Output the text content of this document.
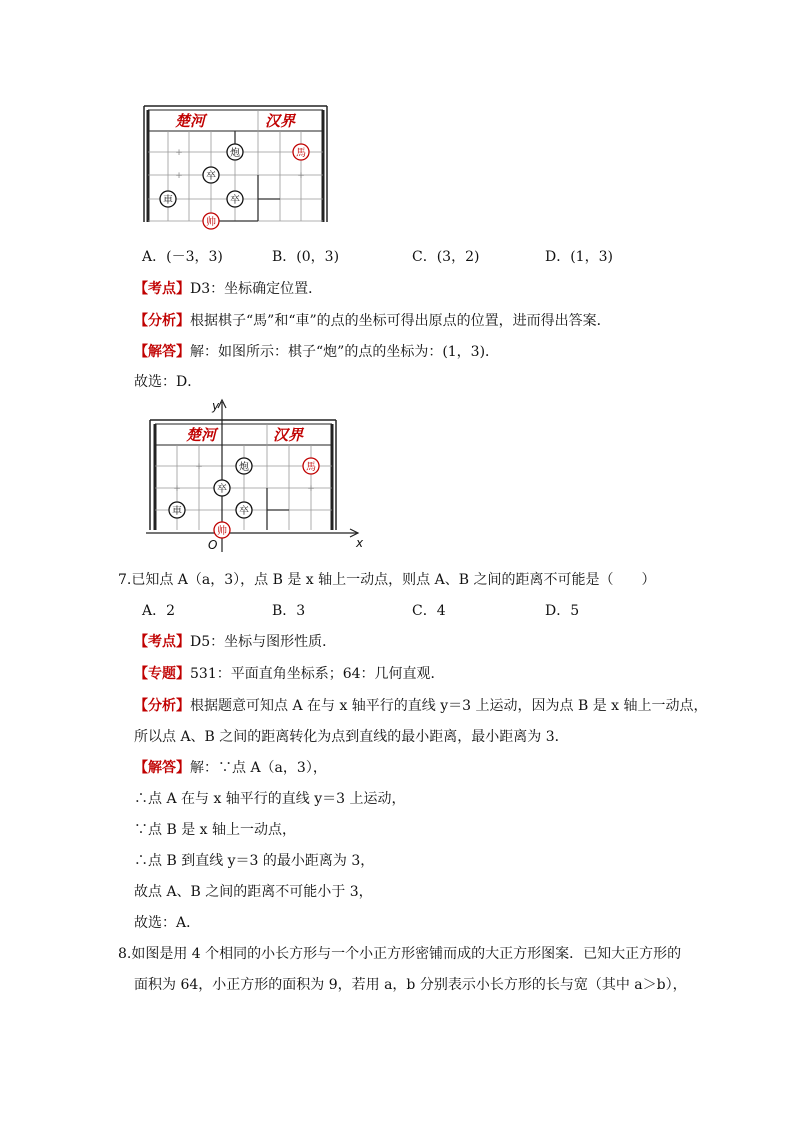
+
+
+
楚河	汉界
炮	馬
卒
車	卒
帅
A．(－3，3)	B．(0，3)	C．(3，2)	D．(1，3)
【考点】D3：坐标确定位置．
【分析】根据棋子“馬”和“車”的点的坐标可得出原点的位置，进而得出答案．
【解答】解：如图所示：棋子“炮”的点的坐标为：(1，3)．
故选：D．
+
+
+
y
x
O
楚河	汉界
炮	馬
卒
車	卒
帅
7.已知点 A（a，3），点 B 是 x 轴上一动点，则点 A、B 之间的距离不可能是（　　）
A．2	B．3	C．4	D．5
【考点】D5：坐标与图形性质．
【专题】531：平面直角坐标系；64：几何直观．
【分析】根据题意可知点 A 在与 x 轴平行的直线 y＝3 上运动，因为点 B 是 x 轴上一动点，
所以点 A、B 之间的距离转化为点到直线的最小距离，最小距离为 3．
【解答】解：∵点 A（a，3），
∴点 A 在与 x 轴平行的直线 y＝3 上运动，
∵点 B 是 x 轴上一动点，
∴点 B 到直线 y＝3 的最小距离为 3，
故点 A、B 之间的距离不可能小于 3，
故选：A．
8.如图是用 4 个相同的小长方形与一个小正方形密铺而成的大正方形图案．已知大正方形的
面积为 64，小正方形的面积为 9，若用 a，b 分别表示小长方形的长与宽（其中 a＞b），
